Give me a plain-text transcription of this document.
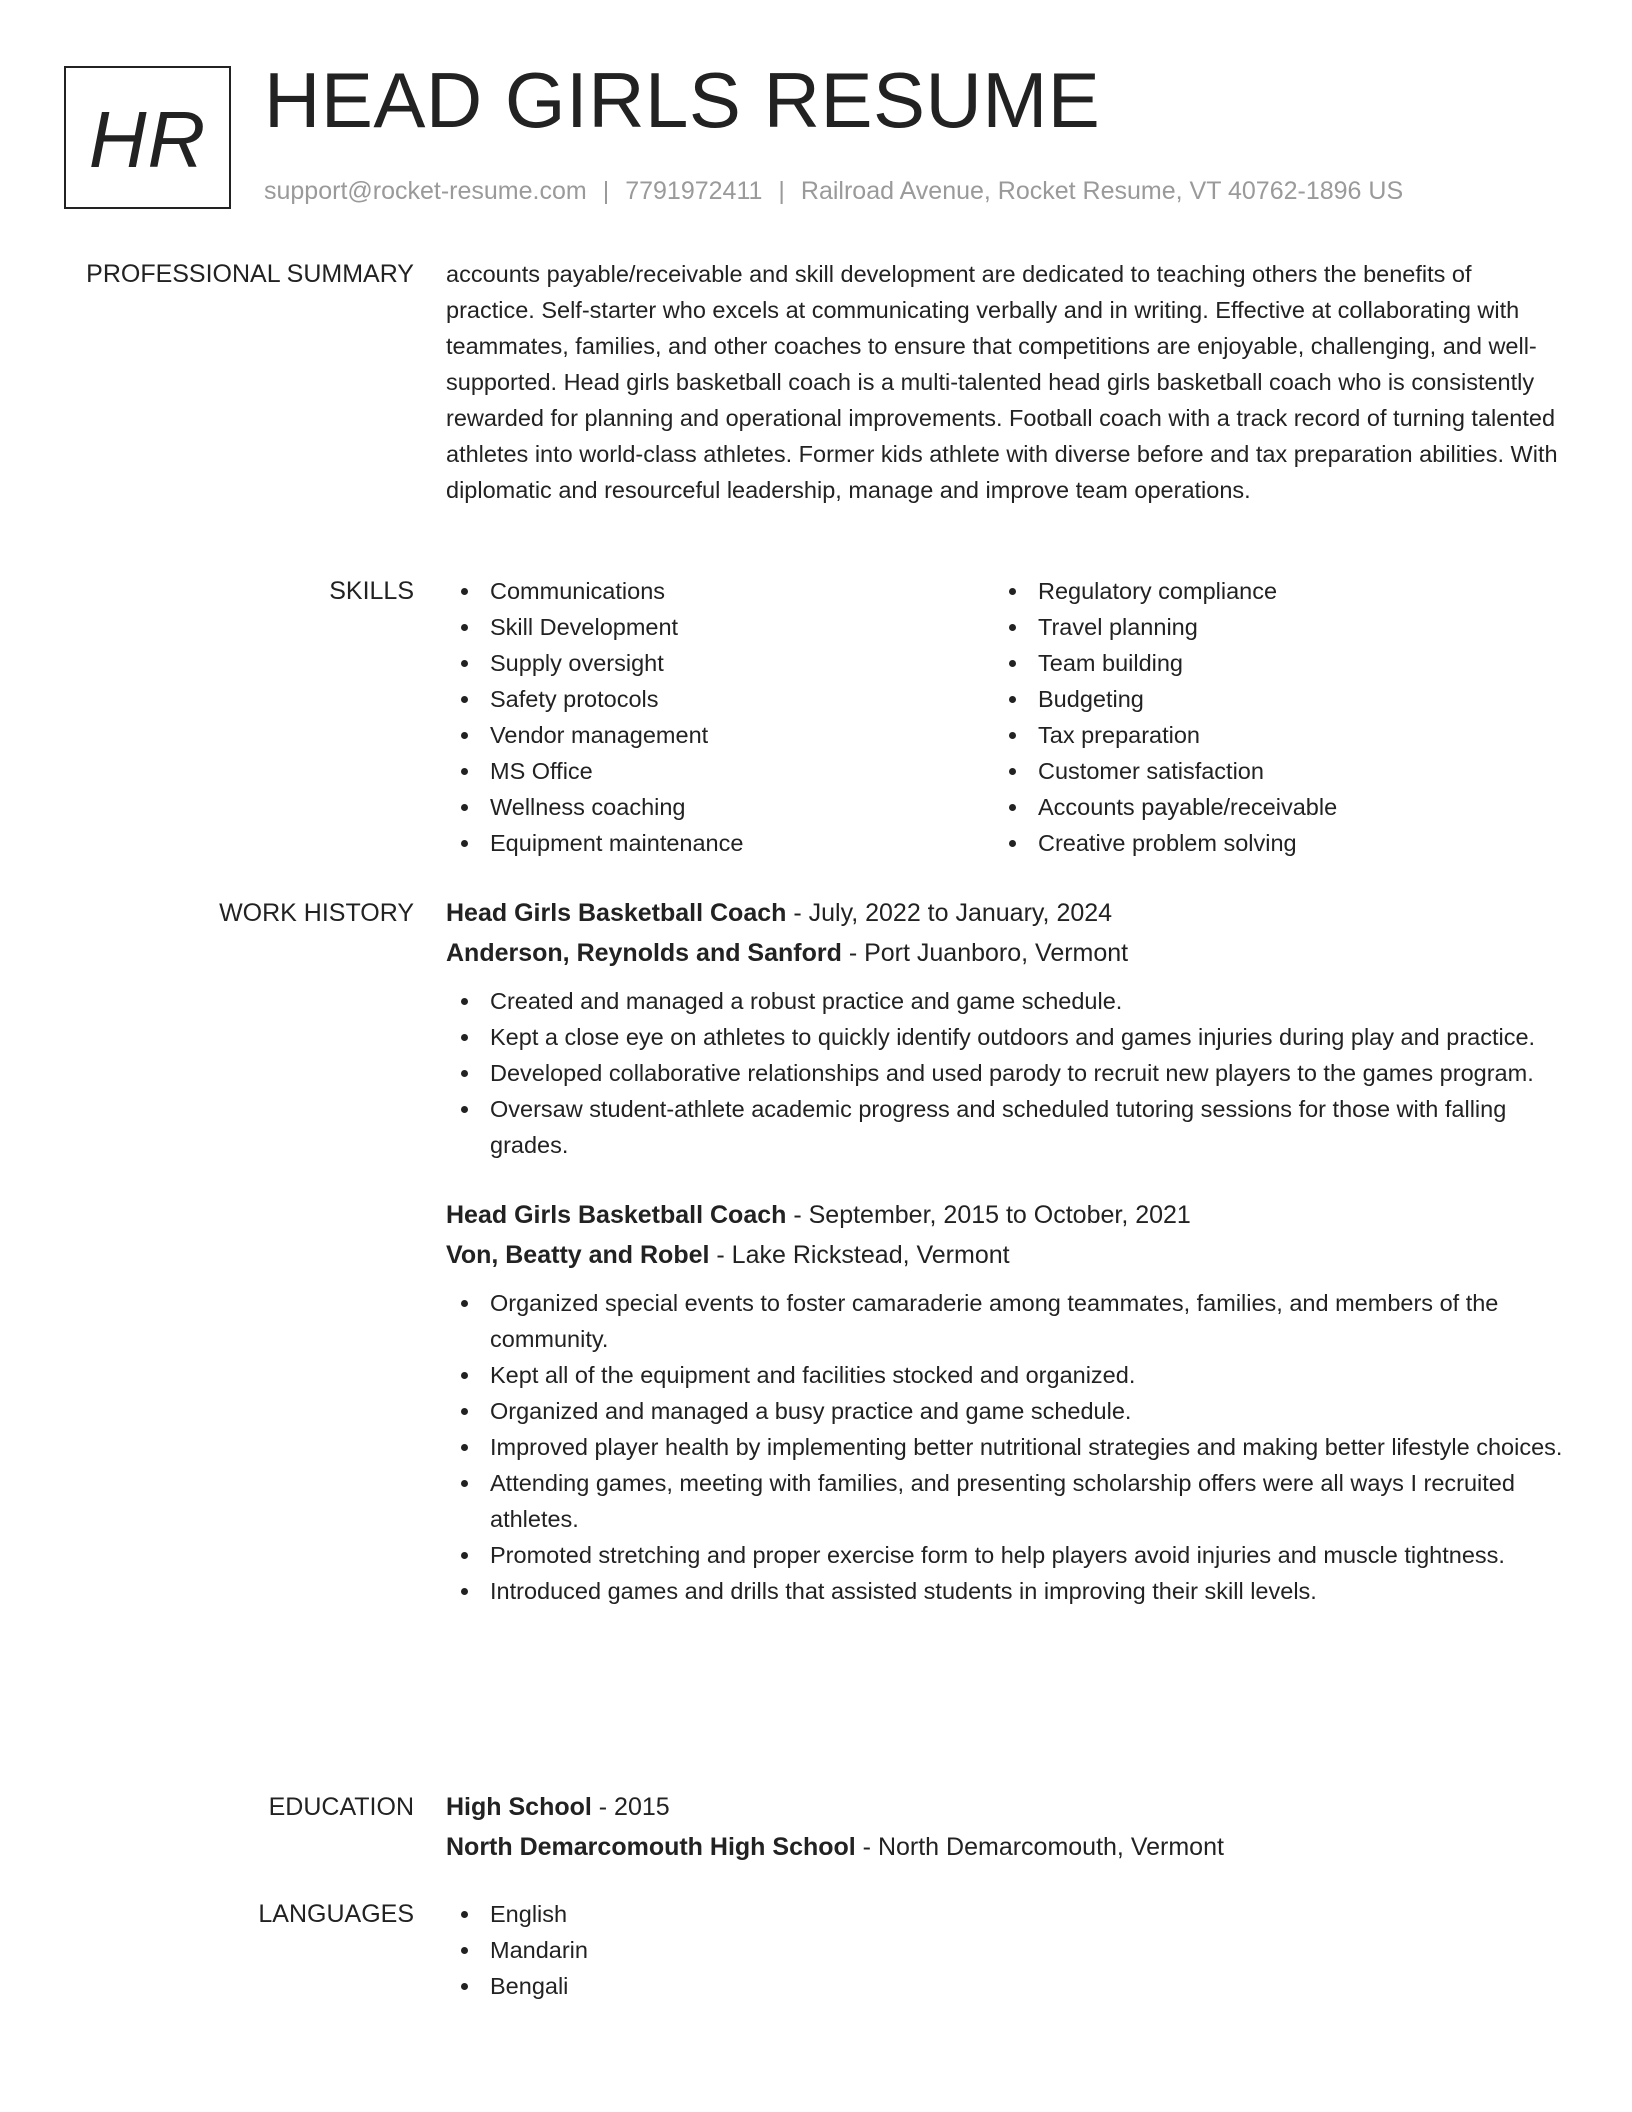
HR HEAD GIRLS RESUME
support@rocket-resume.com | 7791972411 | Railroad Avenue, Rocket Resume, VT 40762-1896 US
PROFESSIONAL SUMMARY accounts payable/receivable and skill development are dedicated to teaching others the benefits of practice. Self-starter who excels at communicating verbally and in writing. Effective at collaborating with teammates, families, and other coaches to ensure that competitions are enjoyable, challenging, and well-supported. Head girls basketball coach is a multi-talented head girls basketball coach who is consistently rewarded for planning and operational improvements. Football coach with a track record of turning talented athletes into world-class athletes. Former kids athlete with diverse before and tax preparation abilities. With diplomatic and resourceful leadership, manage and improve team operations.
SKILLS	Communications
Skill Development
Supply oversight
Safety protocols
Vendor management
MS Office
Wellness coaching
Equipment maintenance
Regulatory compliance
Travel planning
Team building
Budgeting
Tax preparation
Customer satisfaction
Accounts payable/receivable
Creative problem solving
WORK HISTORY Head Girls Basketball Coach - July, 2022 to January, 2024
Anderson, Reynolds and Sanford - Port Juanboro, Vermont
Created and managed a robust practice and game schedule.
Kept a close eye on athletes to quickly identify outdoors and games injuries during play and practice.
Developed collaborative relationships and used parody to recruit new players to the games program.
Oversaw student-athlete academic progress and scheduled tutoring sessions for those with falling grades.
Head Girls Basketball Coach - September, 2015 to October, 2021
Von, Beatty and Robel - Lake Rickstead, Vermont
Organized special events to foster camaraderie among teammates, families, and members of the community.
Kept all of the equipment and facilities stocked and organized.
Organized and managed a busy practice and game schedule.
Improved player health by implementing better nutritional strategies and making better lifestyle choices.
Attending games, meeting with families, and presenting scholarship offers were all ways I recruited athletes.
Promoted stretching and proper exercise form to help players avoid injuries and muscle tightness.
Introduced games and drills that assisted students in improving their skill levels.
EDUCATION High School - 2015
North Demarcomouth High School - North Demarcomouth, Vermont
LANGUAGES	English
Mandarin
Bengali
